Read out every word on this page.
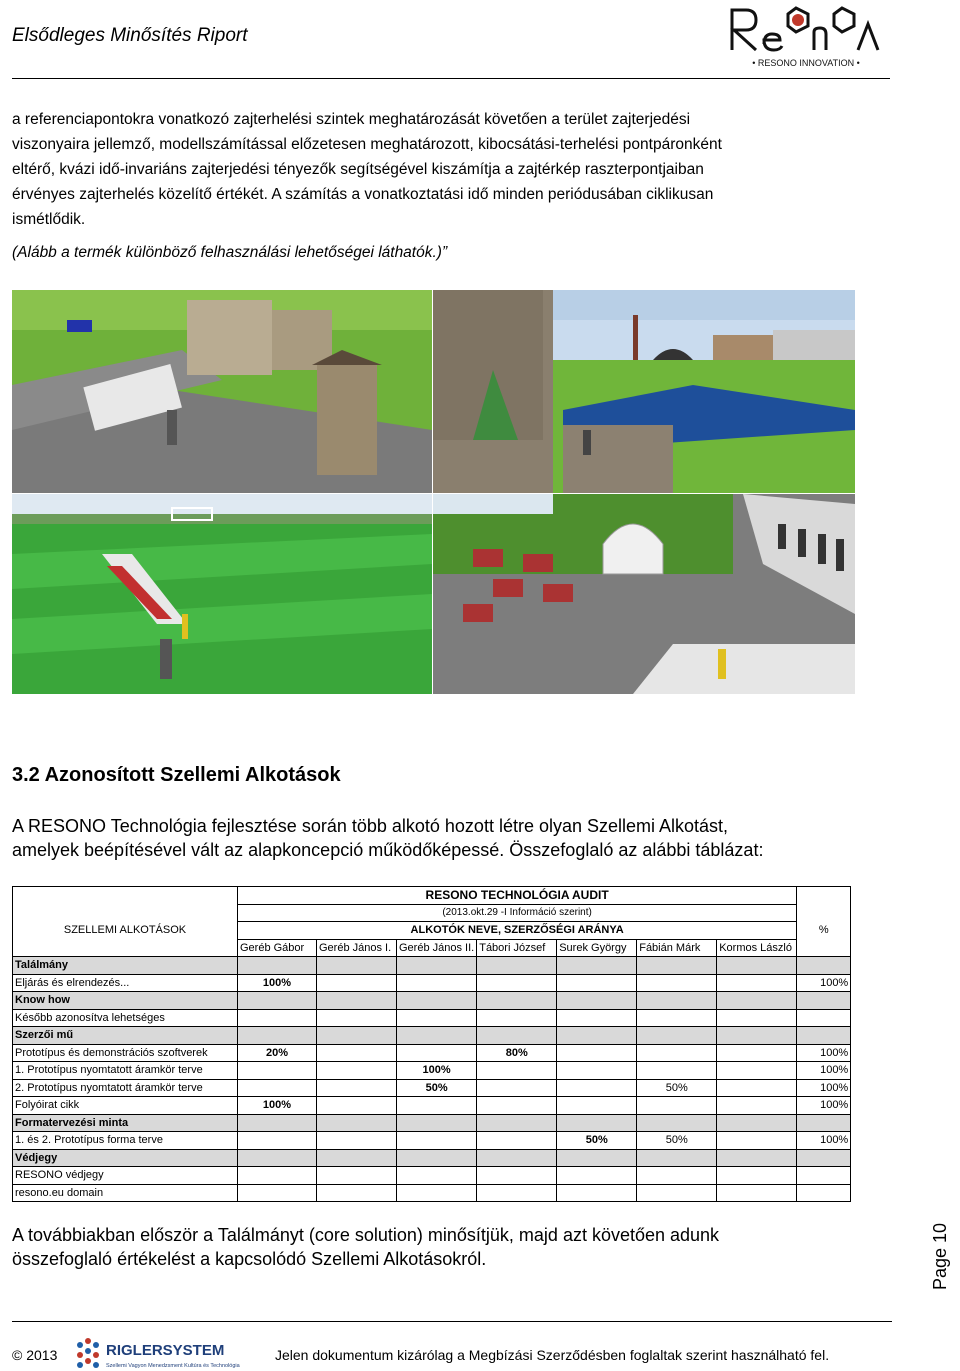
Elsődleges Minősítés Riport
• RESONO INNOVATION •
a referenciapontokra vonatkozó zajterhelési szintek meghatározását követően a terület zajterjedési
viszonyaira jellemző, modellszámítással előzetesen meghatározott, kibocsátási-terhelési pontpáronként
eltérő, kvázi idő-invariáns zajterjedési tényezők segítségével kiszámítja a zajtérkép raszterpontjaiban
érvényes zajterhelés közelítő értékét. A számítás a vonatkoztatási idő minden periódusában ciklikusan
ismétlődik.
(Alább a termék különböző felhasználási lehetőségei láthatók.)”
3.2 Azonosított Szellemi Alkotások
A RESONO Technológia fejlesztése során több alkotó hozott létre olyan Szellemi Alkotást,
amelyek beépítésével vált az alapkoncepció működőképessé. Összefoglaló az alábbi táblázat:
	RESONO TECHNOLÓGIA AUDIT							
	(2013.okt.29 -I Információ szerint)							
SZELLEMI ALKOTÁSOK	ALKOTÓK NEVE, SZERZŐSÉGI ARÁNYA							%
	Geréb Gábor	Geréb János I.	Geréb János II.	Tábori József	Surek György	Fábián Márk	Kormos László	
Találmány								
Eljárás és elrendezés...	100%							100%
Know how								
Később azonosítva lehetséges								
Szerzői mű								
Prototípus és demonstrációs szoftverek	20%			80%				100%
1. Prototípus nyomtatott áramkör terve			100%					100%
2. Prototípus nyomtatott áramkör terve			50%			50%		100%
Folyóirat cikk	100%							100%
Formatervezési minta								
1. és 2. Prototípus forma terve					50%	50%		100%
Védjegy								
RESONO védjegy								
resono.eu domain								
A továbbiakban először a Találmányt (core solution) minősítjük, majd azt követően adunk
összefoglaló értékelést a kapcsolódó Szellemi Alkotásokról.	Page 10
© 2013	RIGLERSYSTEM
Szellemi Vagyon Menedzsment Kultúra és Technológia
Jelen dokumentum kizárólag a Megbízási Szerződésben foglaltak szerint használható fel.
